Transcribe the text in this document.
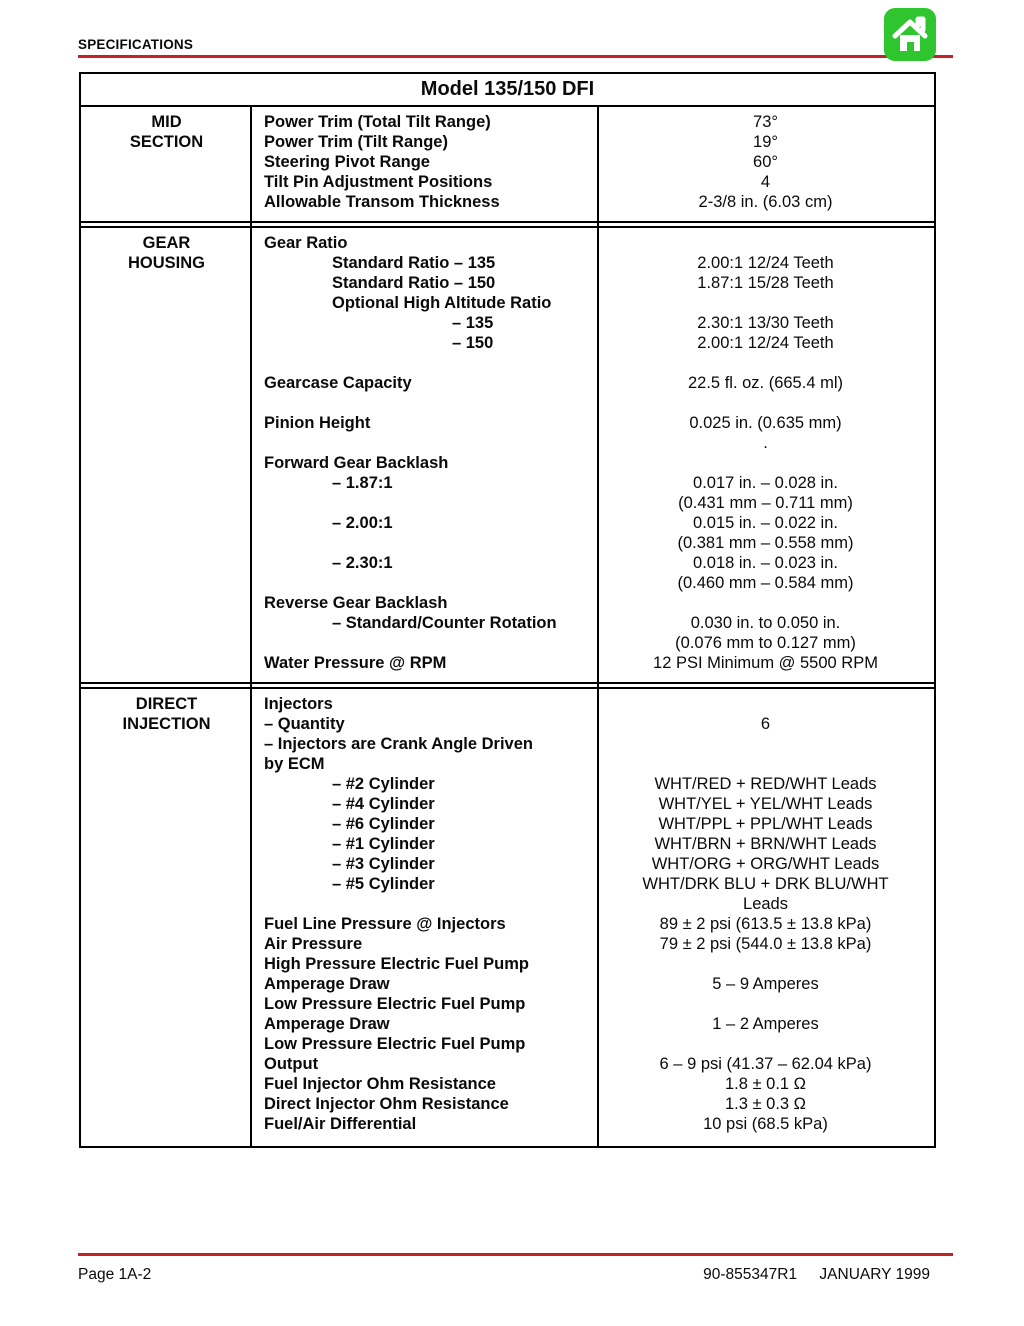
SPECIFICATIONS
Model 135/150 DFI
MID
SECTION
Power Trim (Total Tilt Range)	73°
Power Trim (Tilt Range)	19°
Steering Pivot Range	60°
Tilt Pin Adjustment Positions	4
Allowable Transom Thickness	2-3/8 in. (6.03 cm)
GEAR
HOUSING
Gear Ratio
Standard Ratio – 135	2.00:1 12/24 Teeth
Standard Ratio – 150	1.87:1 15/28 Teeth
Optional High Altitude Ratio
– 135	2.30:1 13/30 Teeth
– 150	2.00:1 12/24 Teeth
Gearcase Capacity	22.5 fl. oz. (665.4 ml)
Pinion Height	0.025 in. (0.635 mm)
.
Forward Gear Backlash
– 1.87:1	0.017 in. – 0.028 in.
(0.431 mm – 0.711 mm)
– 2.00:1	0.015 in. – 0.022 in.
(0.381 mm – 0.558 mm)
– 2.30:1	0.018 in. – 0.023 in.
(0.460 mm – 0.584 mm)
Reverse Gear Backlash
– Standard/Counter Rotation	0.030 in. to 0.050 in.
(0.076 mm to 0.127 mm)
Water Pressure @ RPM	12 PSI Minimum @ 5500 RPM
DIRECT
INJECTION
Injectors
– Quantity	6
– Injectors are Crank Angle Driven
by ECM
– #2 Cylinder	WHT/RED + RED/WHT Leads
– #4 Cylinder	WHT/YEL + YEL/WHT Leads
– #6 Cylinder	WHT/PPL + PPL/WHT Leads
– #1 Cylinder	WHT/BRN + BRN/WHT Leads
– #3 Cylinder	WHT/ORG + ORG/WHT Leads
– #5 Cylinder	WHT/DRK BLU + DRK BLU/WHT
Leads
Fuel Line Pressure @ Injectors	89 ± 2 psi (613.5 ± 13.8 kPa)
Air Pressure	79 ± 2 psi (544.0 ± 13.8 kPa)
High Pressure Electric Fuel Pump
Amperage Draw	5 – 9 Amperes
Low Pressure Electric Fuel Pump
Amperage Draw	1 – 2 Amperes
Low Pressure Electric Fuel Pump
Output	6 – 9 psi (41.37 – 62.04 kPa)
Fuel Injector Ohm Resistance	1.8 ± 0.1 Ω
Direct Injector Ohm Resistance	1.3 ± 0.3 Ω
Fuel/Air Differential	10 psi (68.5 kPa)
Page 1A-2	90-855347R1 JANUARY 1999
